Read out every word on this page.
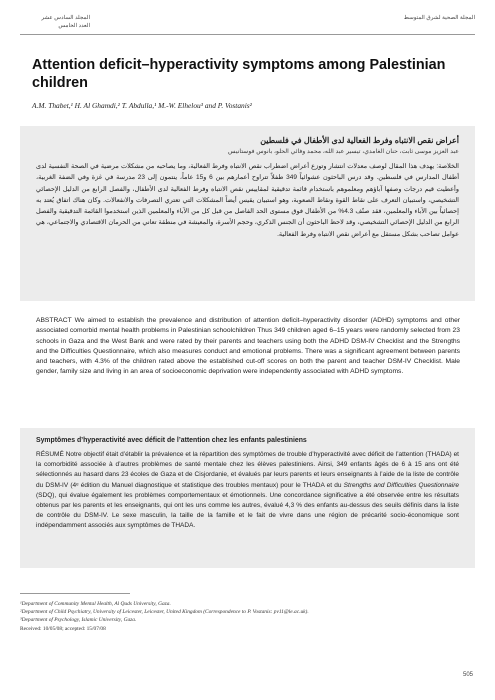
المجلد السادس عشر
العدد الخامس
المجلة الصحية لشرق المتوسط
Attention deficit–hyperactivity symptoms among Palestinian children
A.M. Thabet,¹ H. Al Ghamdi,² T. Abdulla,¹ M.-W. Elhelou³ and P. Vostanis²
أعراض نقص الانتباه وفرط الفعالية لدى الأطفال في فلسطين
عبد العزيز موسى ثابت، حنان الغامدي، تيسير عبد الله، محمد وفائي الحلو، بانوس فوستانيس
الخلاصة: يهدف هذا المقال لوصف معدلات انتشار وتوزع أعراض اضطراب نقص الانتباه وفرط الفعالية، وما يصاحبه من مشكلات مرضية في الصحة النفسية لدى أطفال المدارس في فلسطين. وقد درس الباحثون عشوائياً 349 طفلاً تتراوح أعمارهم بين 6 و15 عاماً، ينتمون إلى 23 مدرسة في غزة وفي الضفة الغربية، وأعطيت قيم درجات وصفها آباؤهم ومعلموهم باستخدام قائمة تدقيقية لمقاييس نقص الانتباه وفرط الفعالية لدى الأطفال، والفصل الرابع من الدليل الإحصائي التشخيصي، واستبيان التعرف على نقاط القوة ونقاط الصعوبة، وهو استبيان يقيس أيضاً المشكلات التي تعتري التصرفات والانفعالات. وكان هناك اتفاق يُعتد به إحصائياً بين الآباء والمعلمين، فقد صنّف 4.3% من الأطفال فوق مستوى الحد الفاصل من قبل كل من الآباء والمعلمين الذين استخدموا القائمة التدقيقية والفصل الرابع من الدليل الإحصائي التشخيصي، وقد لاحظ الباحثون أن الجنس الذكري، وحجم الأسرة، والمعيشة في منطقة تعاني من الحرمان الاقتصادي والاجتماعي، هي عوامل تصاحب بشكل مستقل مع أعراض نقص الانتباه وفرط الفعالية.

ABSTRACT We aimed to establish the prevalence and distribution of attention deficit–hyperactivity disorder (ADHD) symptoms and other associated comorbid mental health problems in Palestinian schoolchildren Thus 349 children aged 6–15 years were randomly selected from 23 schools in Gaza and the West Bank and were rated by their parents and teachers using both the ADHD DSM-IV Checklist and the Strengths and the Difficulties Questionnaire, which also measures conduct and emotional problems. There was a significant agreement between parents and teachers, with 4.3% of the children rated above the established cut-off scores on both the parent and teacher DSM-IV Checklist. Male gender, family size and living in an area of socioeconomic deprivation were independently associated with ADHD symptoms.

Symptômes d’hyperactivité avec déficit de l’attention chez les enfants palestiniens

RÉSUMÉ Notre objectif était d’établir la prévalence et la répartition des symptômes de trouble d’hyperactivité avec déficit de l’attention (THADA) et la comorbidité associée à d’autres problèmes de santé mentale chez les élèves palestiniens. Ainsi, 349 enfants âgés de 6 à 15 ans ont été sélectionnés au hasard dans 23 écoles de Gaza et de Cisjordanie, et évalués par leurs parents et leurs enseignants à l’aide de la liste de contrôle du DSM-IV (4ᵉ édition du Manuel diagnostique et statistique des troubles mentaux) pour le THADA et du Strengths and Difficulties Questionnaire (SDQ), qui évalue également les problèmes comportementaux et émotionnels. Une concordance significative a été observée entre les résultats obtenus par les parents et les enseignants, qui ont les uns comme les autres, évalué 4,3 % des enfants au-dessus des seuils définis dans la liste de contrôle du DSM-IV. Le sexe masculin, la taille de la famille et le fait de vivre dans une région de précarité socio-économique sont indépendamment associés aux symptômes de THADA.

¹Department of Community Mental Health, Al Quds University, Gaza.
²Department of Child Psychiatry, University of Leicester, Leicester, United Kingdom (Correspondence to P. Vostanis: pv11@le.ac.uk).
³Department of Psychology, Islamic University, Gaza.
Received: 10/05/08; accepted: 15/07/08
505
